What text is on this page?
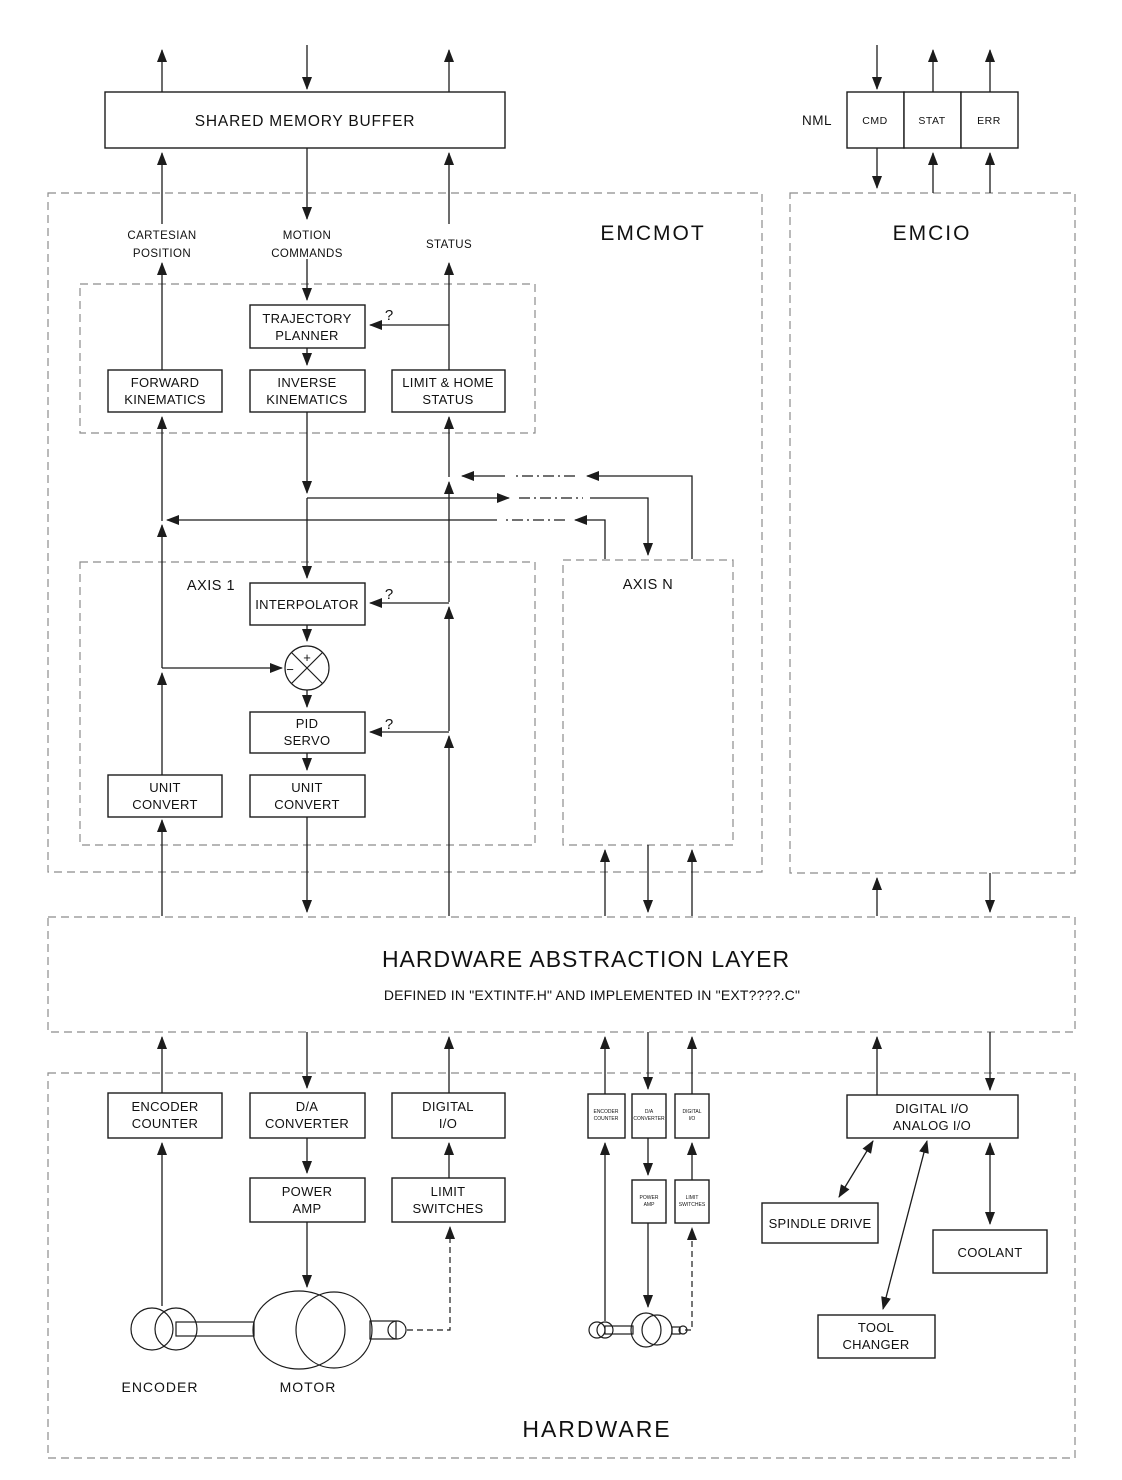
EMCMOT	EMCIO
AXIS 1	AXIS N
HARDWARE ABSTRACTION LAYER
DEFINED IN "EXTINTF.H" AND IMPLEMENTED IN "EXT????.C"
HARDWARE
SHARED MEMORY BUFFER	NML	CMD	STAT	ERR
CARTESIAN
POSITION
MOTION
COMMANDS
STATUS
TRAJECTORY
PLANNER
FORWARD
KINEMATICS
INVERSE
KINEMATICS
LIMIT & HOME
STATUS
INTERPOLATOR
+
−
PID
SERVO
UNIT
CONVERT
UNIT
CONVERT
?
?
?
ENCODER
COUNTER
D/A
CONVERTER
DIGITAL
I/O
POWER
AMP
LIMIT
SWITCHES
ENCODER
COUNTER
D/A
CONVERTER
DIGITAL
I/O
POWER
AMP
LIMIT
SWITCHES
DIGITAL I/O
ANALOG I/O
SPINDLE DRIVE
COOLANT
TOOL
CHANGER
ENCODER	MOTOR
